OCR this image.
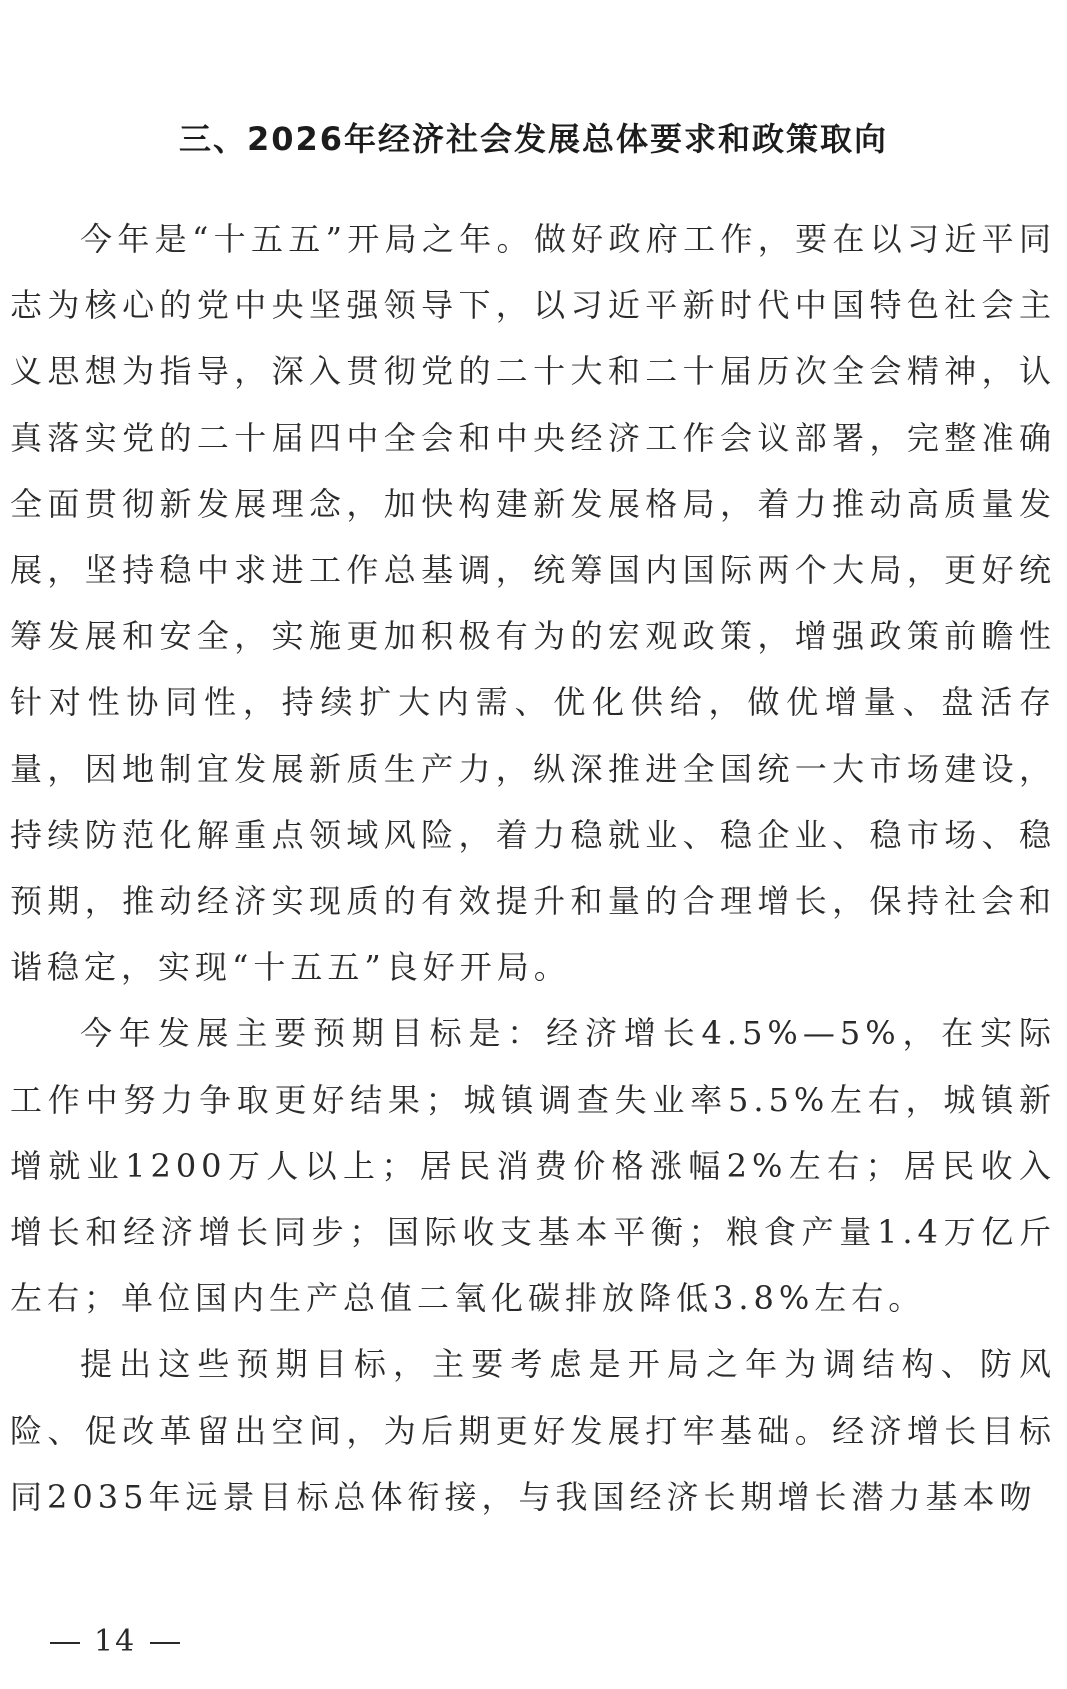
三、2026年经济社会发展总体要求和政策取向

今年是“十五五”开局之年。做好政府工作，要在以习近平同志为核心的党中央坚强领导下，以习近平新时代中国特色社会主义思想为指导，深入贯彻党的二十大和二十届历次全会精神，认真落实党的二十届四中全会和中央经济工作会议部署，完整准确全面贯彻新发展理念，加快构建新发展格局，着力推动高质量发展，坚持稳中求进工作总基调，统筹国内国际两个大局，更好统筹发展和安全，实施更加积极有为的宏观政策，增强政策前瞻性针对性协同性，持续扩大内需、优化供给，做优增量、盘活存量，因地制宜发展新质生产力，纵深推进全国统一大市场建设，持续防范化解重点领域风险，着力稳就业、稳企业、稳市场、稳预期，推动经济实现质的有效提升和量的合理增长，保持社会和谐稳定，实现“十五五”良好开局。

今年发展主要预期目标是：经济增长4.5%—5%，在实际工作中努力争取更好结果；城镇调查失业率5.5%左右，城镇新增就业1200万人以上；居民消费价格涨幅2%左右；居民收入增长和经济增长同步；国际收支基本平衡；粮食产量1.4万亿斤左右；单位国内生产总值二氧化碳排放降低3.8%左右。

提出这些预期目标，主要考虑是开局之年为调结构、防风险、促改革留出空间，为后期更好发展打牢基础。经济增长目标同2035年远景目标总体衔接，与我国经济长期增长潜力基本吻

14
